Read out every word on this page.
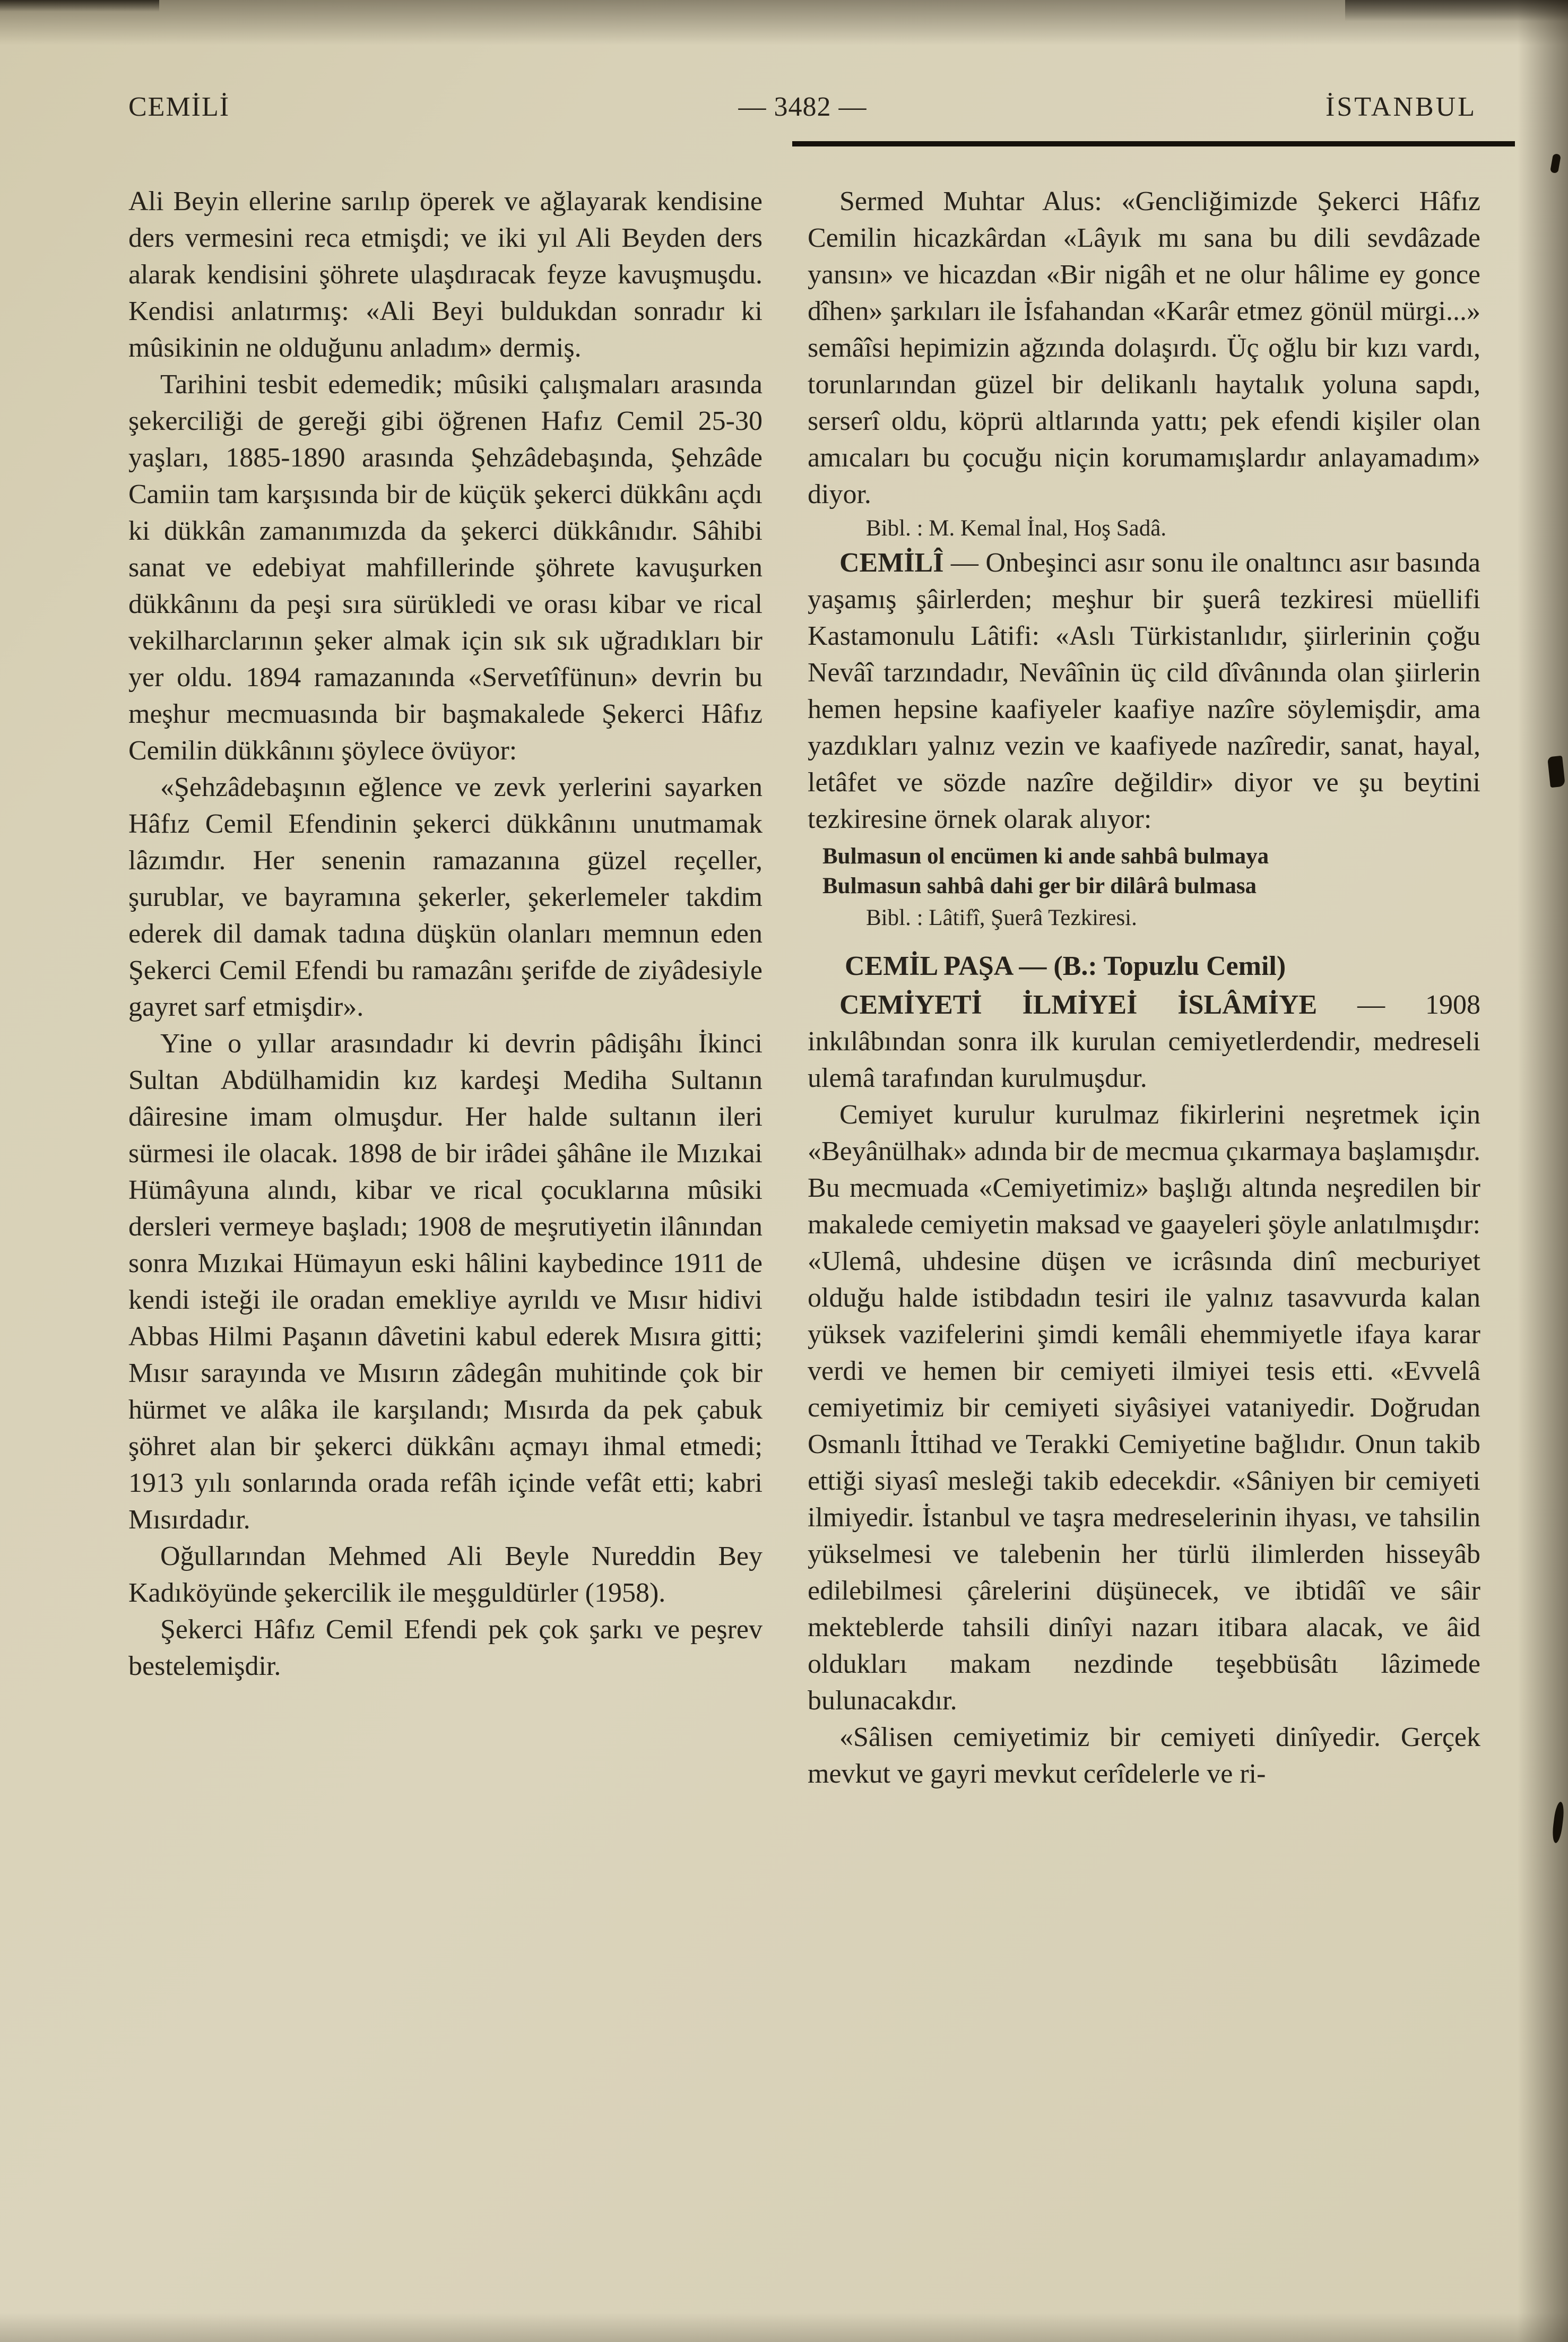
CEMİLİ	— 3482 —	İSTANBUL

Ali Beyin ellerine sarılıp öperek ve ağlayarak kendisine ders vermesini reca etmişdi; ve iki yıl Ali Beyden ders alarak kendisini şöhrete ulaşdıracak feyze kavuşmuşdu. Kendisi anlatırmış: «Ali Beyi buldukdan sonradır ki mûsikinin ne olduğunu anladım» dermiş.

Tarihini tesbit edemedik; mûsiki çalışmaları arasında şekerciliği de gereği gibi öğrenen Hafız Cemil 25-30 yaşları, 1885-1890 arasında Şehzâdebaşında, Şehzâde Camiin tam karşısında bir de küçük şekerci dükkânı açdı ki dükkân zamanımızda da şekerci dükkânıdır. Sâhibi sanat ve edebiyat mahfillerinde şöhrete kavuşurken dükkânını da peşi sıra sürükledi ve orası kibar ve rical vekilharclarının şeker almak için sık sık uğradıkları bir yer oldu. 1894 ramazanında «Servetîfünun» devrin bu meşhur mecmuasında bir başmakalede Şekerci Hâfız Cemilin dükkânını şöylece övüyor:

«Şehzâdebaşının eğlence ve zevk yerlerini sayarken Hâfız Cemil Efendinin şekerci dükkânını unutmamak lâzımdır. Her senenin ramazanına güzel reçeller, şurublar, ve bayramına şekerler, şekerlemeler takdim ederek dil damak tadına düşkün olanları memnun eden Şekerci Cemil Efendi bu ramazânı şerifde de ziyâdesiyle gayret sarf etmişdir».

Yine o yıllar arasındadır ki devrin pâdişâhı İkinci Sultan Abdülhamidin kız kardeşi Mediha Sultanın dâiresine imam olmuşdur. Her halde sultanın ileri sürmesi ile olacak. 1898 de bir irâdei şâhâne ile Mızıkai Hümâyuna alındı, kibar ve rical çocuklarına mûsiki dersleri vermeye başladı; 1908 de meşrutiyetin ilânından sonra Mızıkai Hümayun eski hâlini kaybedince 1911 de kendi isteği ile oradan emekliye ayrıldı ve Mısır hidivi Abbas Hilmi Paşanın dâvetini kabul ederek Mısıra gitti; Mısır sarayında ve Mısırın zâdegân muhitinde çok bir hürmet ve alâka ile karşılandı; Mısırda da pek çabuk şöhret alan bir şekerci dükkânı açmayı ihmal etmedi; 1913 yılı sonlarında orada refâh içinde vefât etti; kabri Mısırdadır.

Oğullarından Mehmed Ali Beyle Nureddin Bey Kadıköyünde şekercilik ile meşguldürler (1958).

Şekerci Hâfız Cemil Efendi pek çok şarkı ve peşrev bestelemişdir.

Sermed Muhtar Alus: «Gencliğimizde Şekerci Hâfız Cemilin hicazkârdan «Lâyık mı sana bu dili sevdâzade yansın» ve hicazdan «Bir nigâh et ne olur hâlime ey gonce dîhen» şarkıları ile İsfahandan «Karâr etmez gönül mürgi...» semâîsi hepimizin ağzında dolaşırdı. Üç oğlu bir kızı vardı, torunlarından güzel bir delikanlı haytalık yoluna sapdı, serserî oldu, köprü altlarında yattı; pek efendi kişiler olan amıcaları bu çocuğu niçin korumamışlardır anlayamadım» diyor.

Bibl. : M. Kemal İnal, Hoş Sadâ.

CEMİLÎ — Onbeşinci asır sonu ile onaltıncı asır basında yaşamış şâirlerden; meşhur bir şuerâ tezkiresi müellifi Kastamonulu Lâtifi: «Aslı Türkistanlıdır, şiirlerinin çoğu Nevâî tarzındadır, Nevâînin üç cild dîvânında olan şiirlerin hemen hepsine kaafiyeler kaafiye nazîre söylemişdir, ama yazdıkları yalnız vezin ve kaafiyede nazîredir, sanat, hayal, letâfet ve sözde nazîre değildir» diyor ve şu beytini tezkiresine örnek olarak alıyor:

Bulmasun ol encümen ki ande sahbâ bulmaya
Bulmasun sahbâ dahi ger bir dilârâ bulmasa

Bibl. : Lâtifî, Şuerâ Tezkiresi.

CEMİL PAŞA — (B.: Topuzlu Cemil)

CEMİYETİ İLMİYEİ İSLÂMİYE — 1908 inkılâbından sonra ilk kurulan cemiyetlerdendir, medreseli ulemâ tarafından kurulmuşdur.

Cemiyet kurulur kurulmaz fikirlerini neşretmek için «Beyânülhak» adında bir de mecmua çıkarmaya başlamışdır. Bu mecmuada «Cemiyetimiz» başlığı altında neşredilen bir makalede cemiyetin maksad ve gaayeleri şöyle anlatılmışdır: «Ulemâ, uhdesine düşen ve icrâsında dinî mecburiyet olduğu halde istibdadın tesiri ile yalnız tasavvurda kalan yüksek vazifelerini şimdi kemâli ehemmiyetle ifaya karar verdi ve hemen bir cemiyeti ilmiyei tesis etti. «Evvelâ cemiyetimiz bir cemiyeti siyâsiyei vataniyedir. Doğrudan Osmanlı İttihad ve Terakki Cemiyetine bağlıdır. Onun takib ettiği siyasî mesleği takib edecekdir. «Sâniyen bir cemiyeti ilmiyedir. İstanbul ve taşra medreselerinin ihyası, ve tahsilin yükselmesi ve talebenin her türlü ilimlerden hisseyâb edilebilmesi çârelerini düşünecek, ve ibtidâî ve sâir mekteblerde tahsili dinîyi nazarı itibara alacak, ve âid oldukları makam nezdinde teşebbüsâtı lâzimede bulunacakdır.

«Sâlisen cemiyetimiz bir cemiyeti dinîyedir. Gerçek mevkut ve gayri mevkut cerîdelerle ve ri-
